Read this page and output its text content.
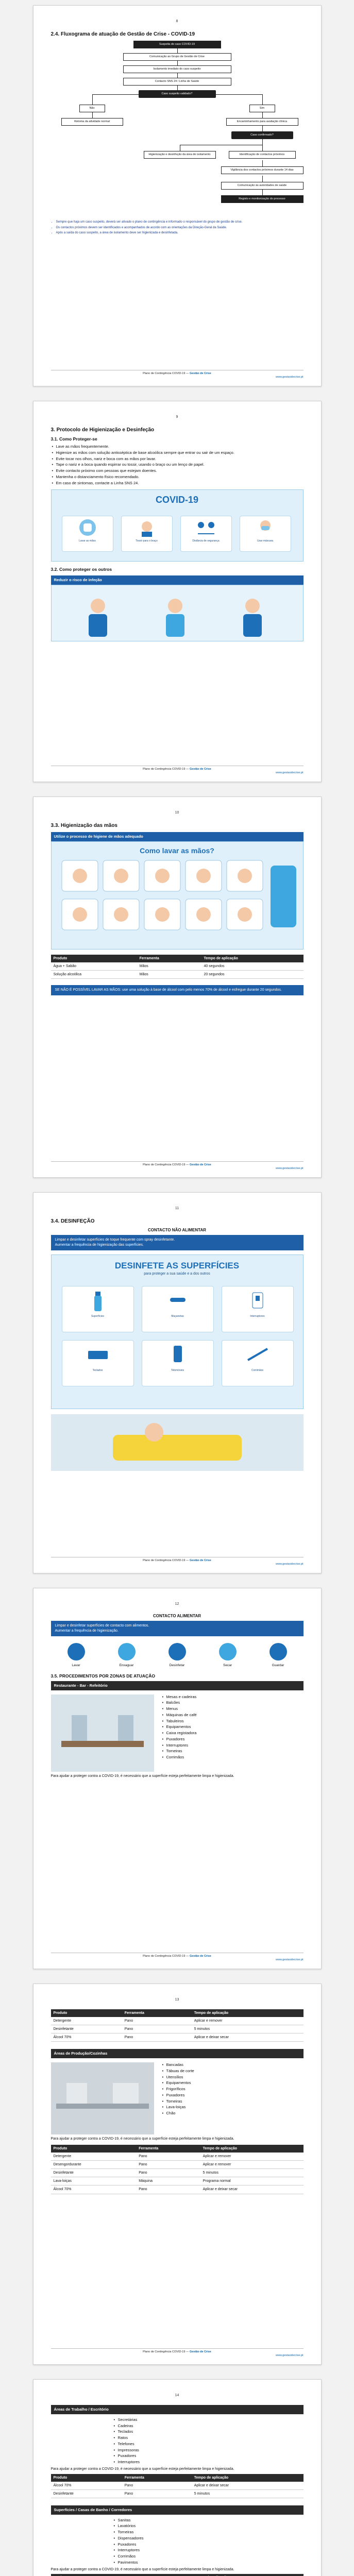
8
2.4. Fluxograma de atuação de Gestão de Crise - COVID-19
Suspeita de caso COVID-19
Comunicação ao Grupo de Gestão de Crise
Isolamento imediato do caso suspeito
Contacto SNS 24 / Linha de Saúde
Caso suspeito validado?
Não	Sim
Retoma da atividade normal	Encaminhamento para avaliação clínica
Caso confirmado?
Higienização e desinfeção da área de isolamento	Identificação de contactos próximos
Vigilância dos contactos próximos durante 14 dias
Comunicação às autoridades de saúde
Registo e monitorização do processo
• Sempre que haja um caso suspeito, deverá ser ativado o plano de contingência e informado o responsável do grupo de gestão de crise.
• Os contactos próximos devem ser identificados e acompanhados de acordo com as orientações da Direção-Geral da Saúde.
• Após a saída do caso suspeito, a área de isolamento deve ser higienizada e desinfetada.
Plano de Contingência COVID-19 — Gestão de Crise
www.gestaodecrise.pt
9
3. Protocolo de Higienização e Desinfeção
3.1. Como Proteger-se
• Lave as mãos frequentemente.
• Higienize as mãos com solução antisséptica de base alcoólica sempre que entrar ou sair de um espaço.
• Evite tocar nos olhos, nariz e boca com as mãos por lavar.
• Tape o nariz e a boca quando espirrar ou tossir, usando o braço ou um lenço de papel.
• Evite contacto próximo com pessoas que estejam doentes.
• Mantenha o distanciamento físico recomendado.
• Em caso de sintomas, contacte a Linha SNS 24.
COVID-19
Lavar as mãos	Tossir para o braço	Distância de segurança	Usar máscara
3.2. Como proteger os outros
Reduzir o risco de infeção
Plano de Contingência COVID-19 — Gestão de Crise
www.gestaodecrise.pt
10
3.3. Higienização das mãos
Utilize o processo de higiene de mãos adequado
Como lavar as mãos?
Produto	Ferramenta	Tempo de aplicação
Água + Sabão	Mãos	40 segundos
Solução alcoólica	Mãos	20 segundos
SE NÃO É POSSÍVEL LAVAR AS MÃOS: use uma solução à base de álcool com pelo menos 70% de álcool e esfregue durante 20 segundos.
Plano de Contingência COVID-19 — Gestão de Crise
www.gestaodecrise.pt
11
3.4. DESINFEÇÃO
CONTACTO NÃO ALIMENTAR
Limpar e desinfetar superfícies de toque frequente com spray desinfetante.
Aumentar a frequência de higienização das superfícies.
DESINFETE AS SUPERFÍCIES
para proteger a sua saúde e a dos outros
Superfícies	Maçanetas	Interruptores
Teclados	Telemóveis	Corrimãos
Plano de Contingência COVID-19 — Gestão de Crise
www.gestaodecrise.pt
12
CONTACTO ALIMENTAR
Limpar e desinfetar superfícies de contacto com alimentos.
Aumentar a frequência de higienização.
Lavar	Enxaguar	Desinfetar	Secar	Guardar
3.5. PROCEDIMENTOS POR ZONAS DE ATUAÇÃO
Restaurante - Bar - Refeitório
• Mesas e cadeiras
• Balcões
• Menus
• Máquinas de café
• Tabuleiros
• Equipamentos
• Caixa registadora
• Puxadores
• Interruptores
• Torneiras
• Corrimãos
Para ajudar a proteger contra a COVID-19, é necessário que a superfície esteja perfeitamente limpa e higienizada.
Plano de Contingência COVID-19 — Gestão de Crise
www.gestaodecrise.pt
13
Produto	Ferramenta	Tempo de aplicação
Detergente	Pano	Aplicar e remover
Desinfetante	Pano	5 minutos
Álcool 70%	Pano	Aplicar e deixar secar
Áreas de Produção/Cozinhas
• Bancadas
• Tábuas de corte
• Utensílios
• Equipamentos
• Frigoríficos
• Puxadores
• Torneiras
• Lava-loiças
• Chão
Para ajudar a proteger contra a COVID-19, é necessário que a superfície esteja perfeitamente limpa e higienizada.
Produto	Ferramenta	Tempo de aplicação
Detergente	Pano	Aplicar e remover
Desengordurante	Pano	Aplicar e remover
Desinfetante	Pano	5 minutos
Lava-loiças	Máquina	Programa normal
Álcool 70%	Pano	Aplicar e deixar secar
Plano de Contingência COVID-19 — Gestão de Crise
www.gestaodecrise.pt
14
Áreas de Trabalho / Escritório
• Secretárias
• Cadeiras
• Teclados
• Ratos
• Telefones
• Impressoras
• Puxadores
• Interruptores
Para ajudar a proteger contra a COVID-19, é necessário que a superfície esteja perfeitamente limpa e higienizada.
Produto	Ferramenta	Tempo de aplicação
Álcool 70%	Pano	Aplicar e deixar secar
Desinfetante	Pano	5 minutos
Superfícies / Casas de Banho / Corredores
• Sanitas
• Lavatórios
• Torneiras
• Dispensadores
• Puxadores
• Interruptores
• Corrimãos
• Pavimentos
Para ajudar a proteger contra a COVID-19, é necessário que a superfície esteja perfeitamente limpa e higienizada.
